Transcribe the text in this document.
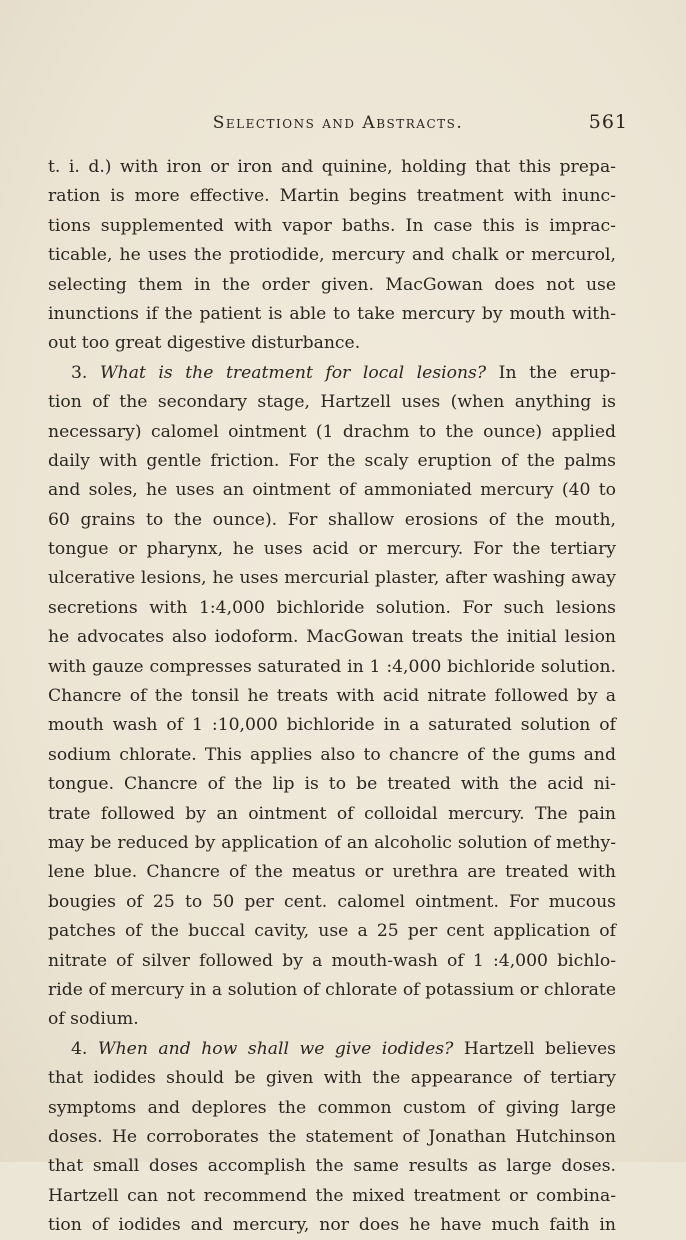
Selections and Abstracts.	561
t. i. d.) with iron or iron and quinine, holding that this prepa-
ration is more effective. Martin begins treatment with inunc-
tions supplemented with vapor baths. In case this is imprac-
ticable, he uses the protiodide, mercury and chalk or mercurol,
selecting them in the order given. MacGowan does not use
inunctions if the patient is able to take mercury by mouth with-
out too great digestive disturbance.
3. What is the treatment for local lesions? In the erup-
tion of the secondary stage, Hartzell uses (when anything is
necessary) calomel ointment (1 drachm to the ounce) applied
daily with gentle friction. For the scaly eruption of the palms
and soles, he uses an ointment of ammoniated mercury (40 to
60 grains to the ounce). For shallow erosions of the mouth,
tongue or pharynx, he uses acid or mercury. For the tertiary
ulcerative lesions, he uses mercurial plaster, after washing away
secretions with 1:4,000 bichloride solution. For such lesions
he advocates also iodoform. MacGowan treats the initial lesion
with gauze compresses saturated in 1 :4,000 bichloride solution.
Chancre of the tonsil he treats with acid nitrate followed by a
mouth wash of 1 :10,000 bichloride in a saturated solution of
sodium chlorate. This applies also to chancre of the gums and
tongue. Chancre of the lip is to be treated with the acid ni-
trate followed by an ointment of colloidal mercury. The pain
may be reduced by application of an alcoholic solution of methy-
lene blue. Chancre of the meatus or urethra are treated with
bougies of 25 to 50 per cent. calomel ointment. For mucous
patches of the buccal cavity, use a 25 per cent application of
nitrate of silver followed by a mouth-wash of 1 :4,000 bichlo-
ride of mercury in a solution of chlorate of potassium or chlorate
of sodium.
4. When and how shall we give iodides? Hartzell believes
that iodides should be given with the appearance of tertiary
symptoms and deplores the common custom of giving large
doses. He corroborates the statement of Jonathan Hutchinson
that small doses accomplish the same results as large doses.
Hartzell can not recommend the mixed treatment or combina-
tion of iodides and mercury, nor does he have much faith in
